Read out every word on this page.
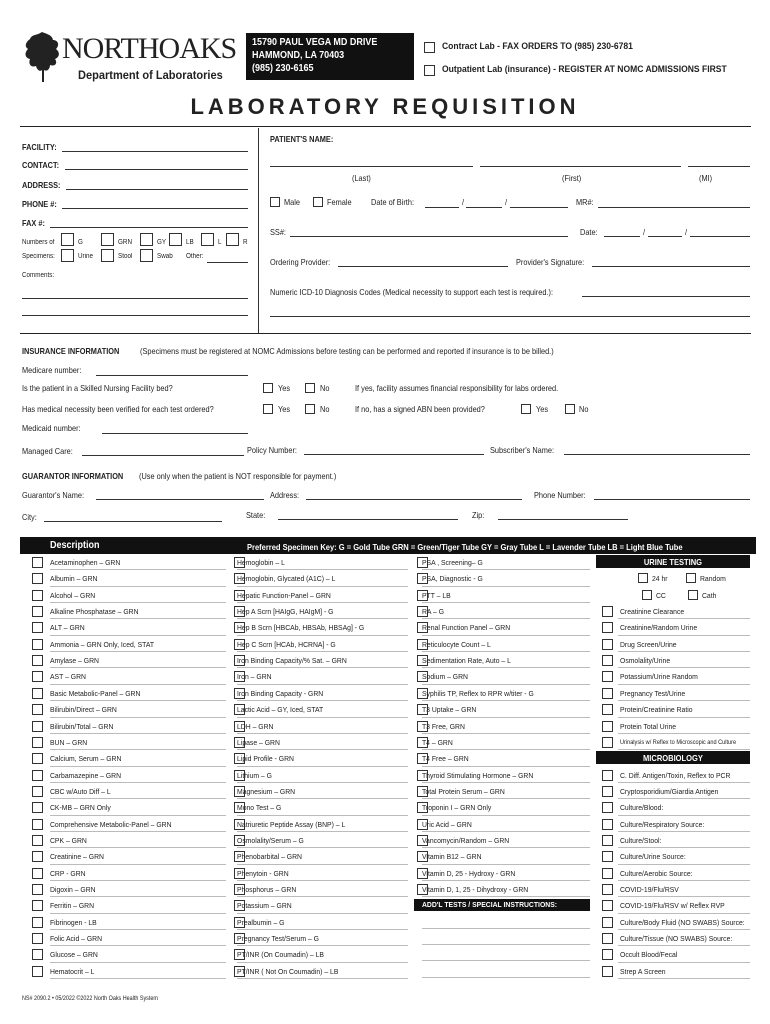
NORTHOAKS
Department of Laboratories
15790 PAUL VEGA MD DRIVE
HAMMOND, LA 70403
(985) 230-6165
Contract Lab - FAX ORDERS TO (985) 230-6781
Outpatient Lab (insurance) - REGISTER AT NOMC ADMISSIONS FIRST
LABORATORY REQUISITION
FACILITY:
CONTACT:
ADDRESS:
PHONE #:
FAX #:
Numbers of
Specimens:
G
Urine
GRN
Stool
GY
Swab
LB
Other:
L	R
Comments:
PATIENT'S NAME:
(Last)	(First)	(MI)
Male	Female Date of Birth:	/	/	MR#:
SS#:	Date:	/	/
Ordering Provider:	Provider's Signature:
Numeric ICD-10 Diagnosis Codes (Medical necessity to support each test is required.):
INSURANCE INFORMATION	(Specimens must be registered at NOMC Admissions before testing can be performed and reported if insurance is to be billed.)
Medicare number:
Is the patient in a Skilled Nursing Facility bed?	Yes	No	If yes, facility assumes financial responsibility for labs ordered.
Has medical necessity been verified for each test ordered?	Yes	No	If no, has a signed ABN been provided?	Yes	No
Medicaid number:
Managed Care:	Policy Number:	Subscriber's Name:
GUARANTOR INFORMATION (Use only when the patient is NOT responsible for payment.)
Guarantor's Name:	Address:	Phone Number:
City:	State:	Zip:
Description	Preferred Specimen Key: G = Gold Tube GRN = Green/Tiger Tube GY = Gray Tube L = Lavender Tube LB = Light Blue Tube
Acetaminophen – GRN
Albumin – GRN
Alcohol – GRN
Alkaline Phosphatase – GRN
ALT – GRN
Ammonia – GRN Only, Iced, STAT
Amylase – GRN
AST – GRN
Basic Metabolic-Panel – GRN
Bilirubin/Direct – GRN
Bilirubin/Total – GRN
BUN – GRN
Calcium, Serum – GRN
Carbamazepine – GRN
CBC w/Auto Diff – L
CK-MB – GRN Only
Comprehensive Metabolic-Panel – GRN
CPK – GRN
Creatinine – GRN
CRP - GRN
Digoxin – GRN
Ferritin – GRN
Fibrinogen - LB
Folic Acid – GRN
Glucose – GRN
Hematocrit – L
Hemoglobin – L
Hemoglobin, Glycated (A1C) – L
Hepatic Function-Panel – GRN
Hep A Scrn [HAIgG, HAIgM] - G
Hep B Scrn [HBCAb, HBSAb, HBSAg] - G
Hep C Scrn [HCAb, HCRNA] - G
Iron Binding Capacity/% Sat. – GRN
Iron – GRN
Iron Binding Capacity - GRN
Lactic Acid – GY, Iced, STAT
LDH – GRN
Lipase – GRN
Lipid Profile - GRN
Lithium – G
Magnesium – GRN
Mono Test – G
Natriuretic Peptide Assay (BNP) – L
Osmolality/Serum – G
Phenobarbital – GRN
Phenytoin - GRN
Phosphorus – GRN
Potassium – GRN
Prealbumin – G
Pregnancy Test/Serum – G
PT/INR (On Coumadin) – LB
PT/INR ( Not On Coumadin) – LB
PSA , Screening– G
PSA, Diagnostic - G
PTT – LB
RA – G
Renal Function Panel – GRN
Reticulocyte Count – L
Sedimentation Rate, Auto – L
Sodium – GRN
Syphilis TP, Reflex to RPR w/titer - G
T3 Uptake – GRN
T3 Free, GRN
T4 – GRN
T4 Free – GRN
Thyroid Stimulating Hormone – GRN
Total Protein Serum – GRN
Troponin I – GRN Only
Uric Acid – GRN
Vancomycin/Random – GRN
Vitamin B12 – GRN
Vitamin D, 25 - Hydroxy - GRN
Vitamin D, 1, 25 - Dihydroxy - GRN
ADD'L TESTS / SPECIAL INSTRUCTIONS:
URINE TESTING
24 hr	Random
CC	Cath
Creatinine Clearance
Creatinine/Random Urine
Drug Screen/Urine
Osmolality/Urine
Potassium/Urine Random
Pregnancy Test/Urine
Protein/Creatinine Ratio
Protein Total Urine
Urinalysis w/ Reflex to Microscopic and Culture
MICROBIOLOGY
C. Diff. Antigen/Toxin, Reflex to PCR
Cryptosporidium/Giardia Antigen
Culture/Blood:
Culture/Respiratory Source:
Culture/Stool:
Culture/Urine Source:
Culture/Aerobic Source:
COVID-19/Flu/RSV
COVID-19/Flu/RSV w/ Reflex RVP
Culture/Body Fluid (NO SWABS) Source:
Culture/Tissue (NO SWABS) Source:
Occult Blood/Fecal
Strep A Screen
NS# 2090.2 • 05/2022 ©2022 North Oaks Health System
